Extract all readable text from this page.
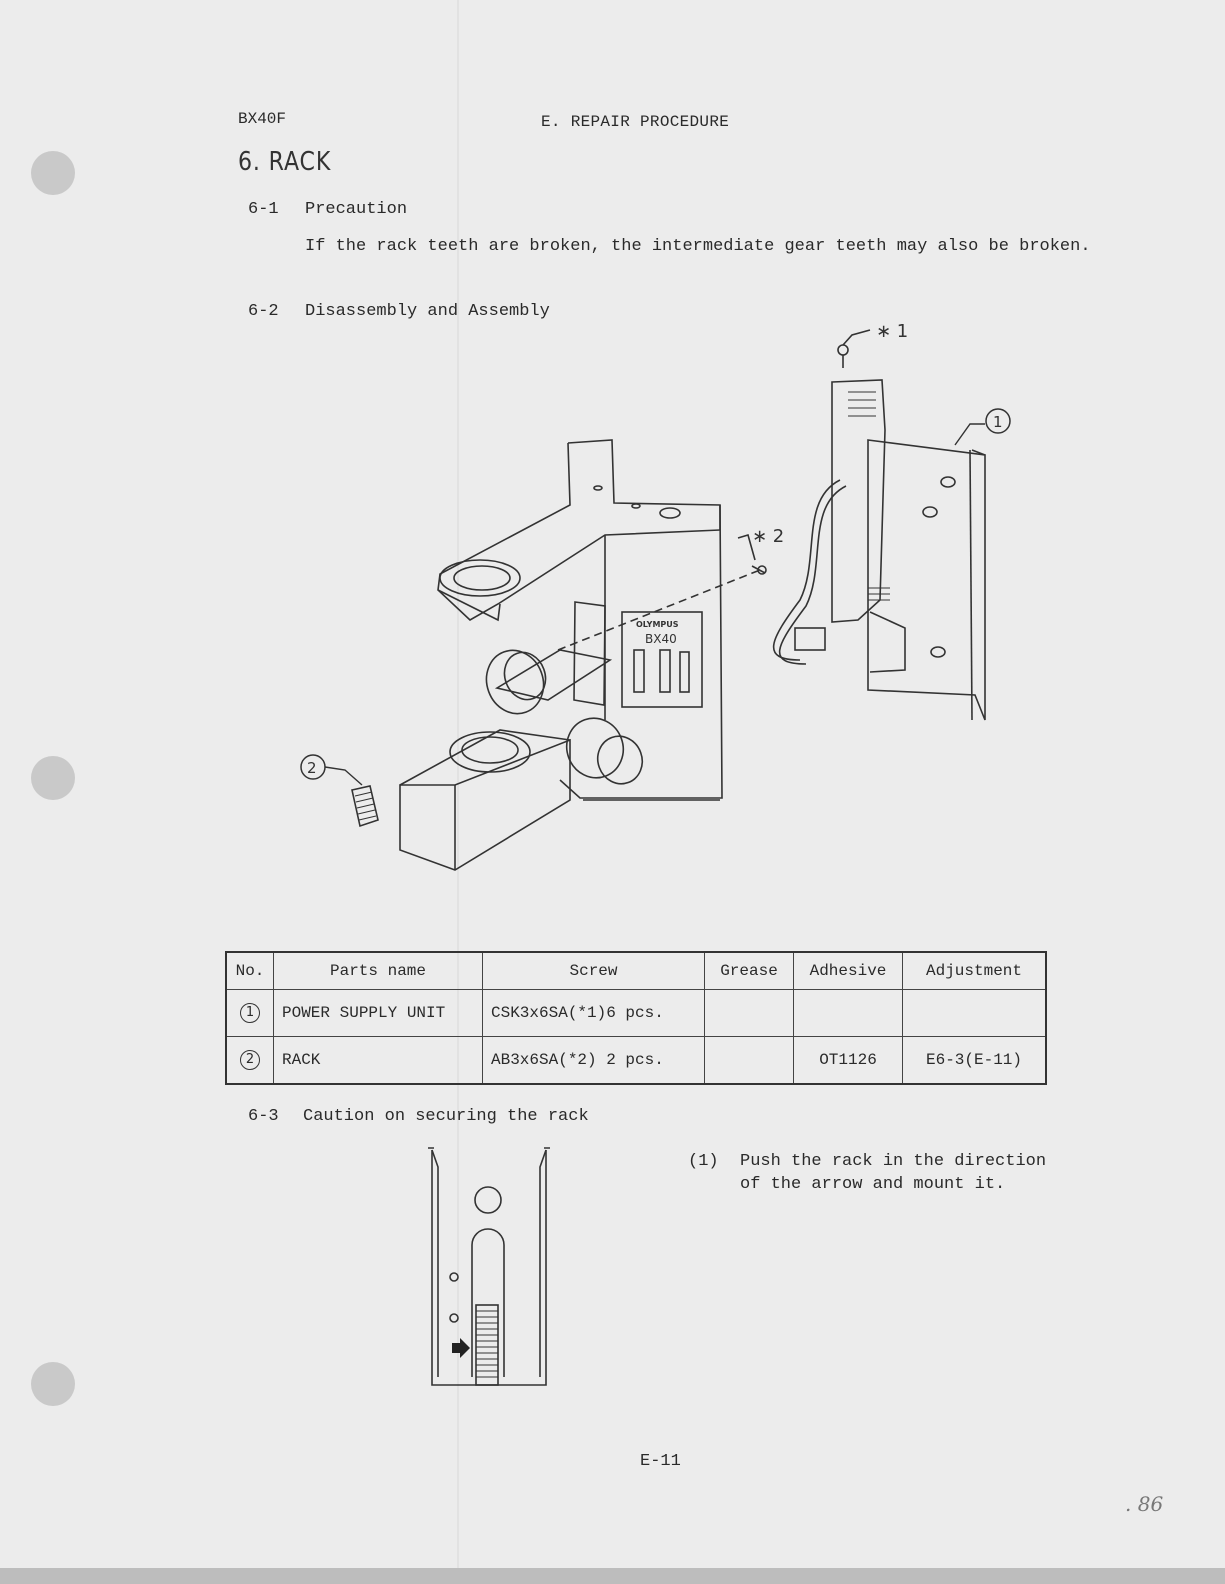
BX40F	E. REPAIR PROCEDURE
6. RACK
6-1 Precaution
If the rack teeth are broken, the intermediate gear teeth may also be broken.
6-2 Disassembly and Assembly
OLYMPUS
BX40
∗ 2
∗ 1
1
2
No.	Parts name	Screw	Grease	Adhesive	Adjustment
1	POWER SUPPLY UNIT	CSK3x6SA(*1)6 pcs.			
2	RACK	AB3x6SA(*2) 2 pcs.		OT1126	E6-3(E-11)
6-3 Caution on securing the rack
(1) Push the rack in the direction
of the arrow and mount it.
E-11
. 86
